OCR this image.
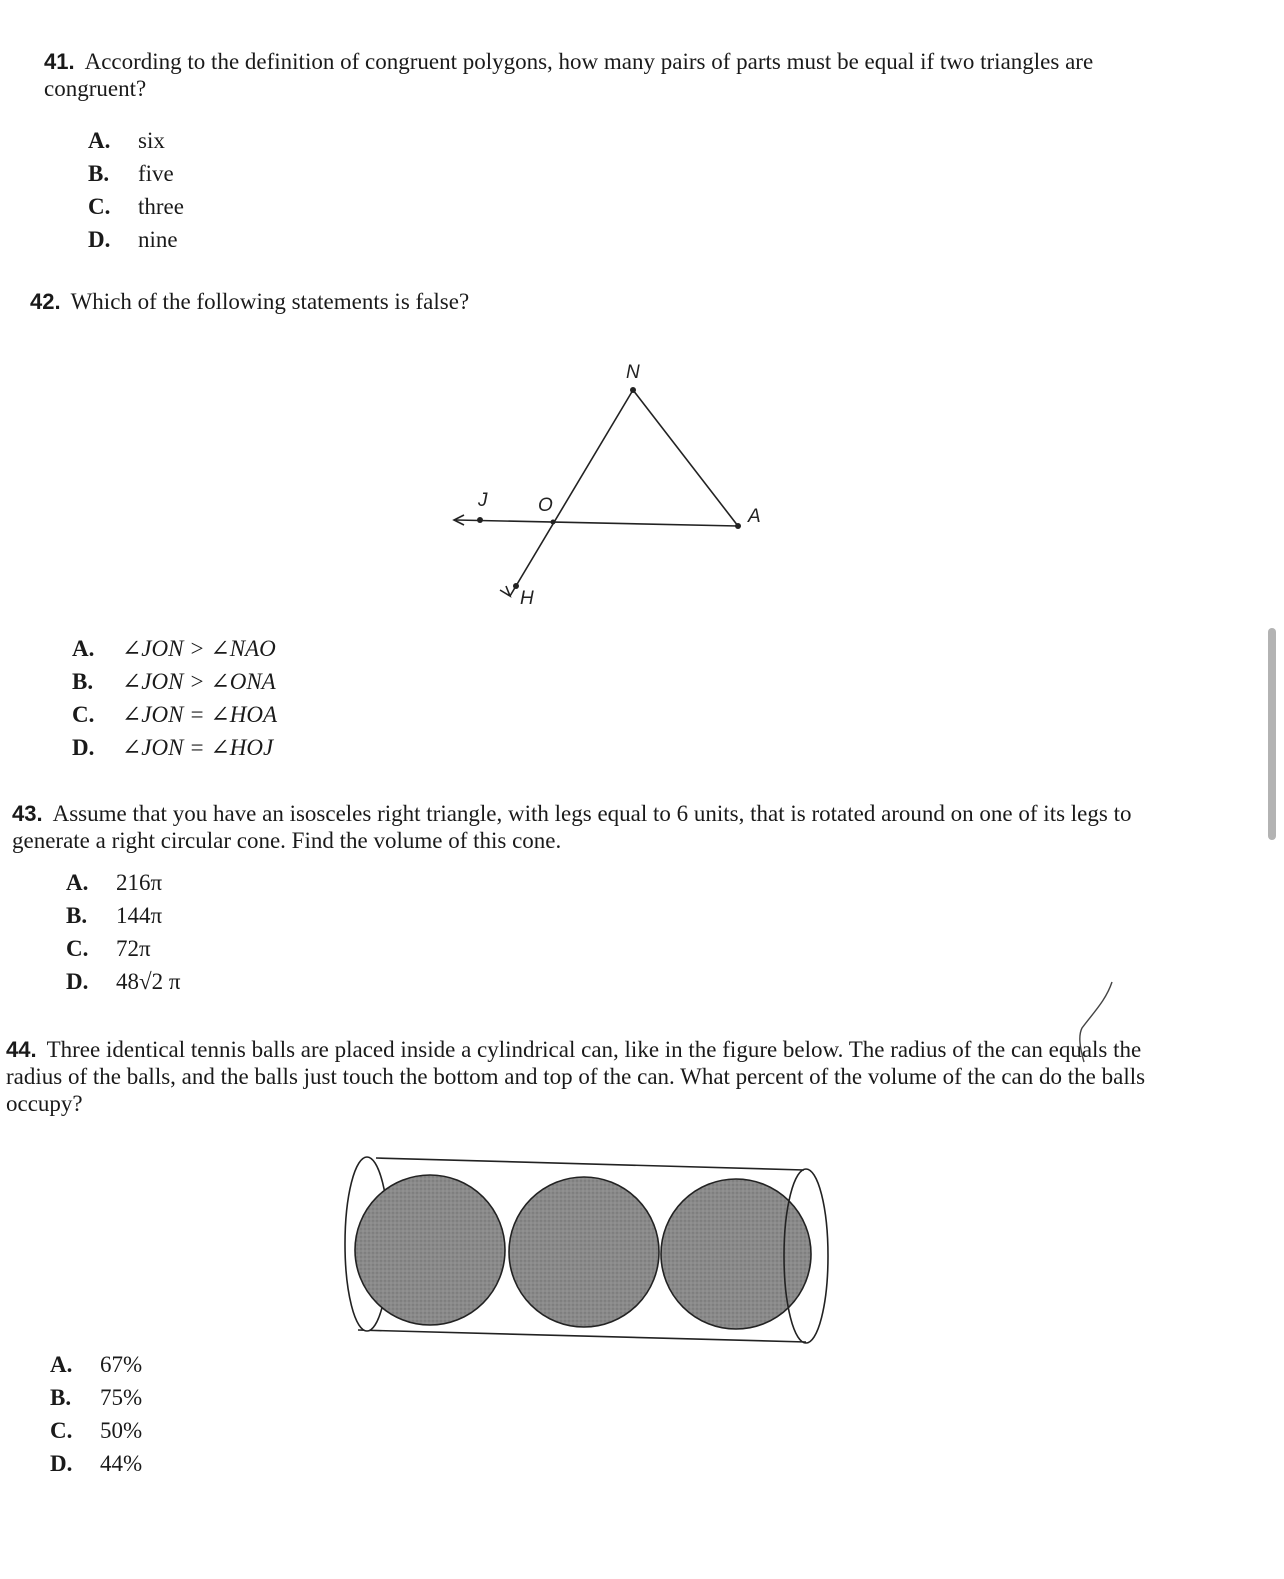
41. According to the definition of congruent polygons, how many pairs of parts must be equal if two triangles are congruent?
A. six
B. five
C. three
D. nine
42. Which of the following statements is false?
N
J	O
A
H
A. ∠JON > ∠NAO
B. ∠JON > ∠ONA
C. ∠JON = ∠HOA
D. ∠JON = ∠HOJ
43. Assume that you have an isosceles right triangle, with legs equal to 6 units, that is rotated around on one of its legs to generate a right circular cone. Find the volume of this cone.
A. 216π
B. 144π
C. 72π
D. 48√2 π
44. Three identical tennis balls are placed inside a cylindrical can, like in the figure below. The radius of the can equals the radius of the balls, and the balls just touch the bottom and top of the can. What percent of the volume of the can do the balls occupy?
A. 67%
B. 75%
C. 50%
D. 44%
